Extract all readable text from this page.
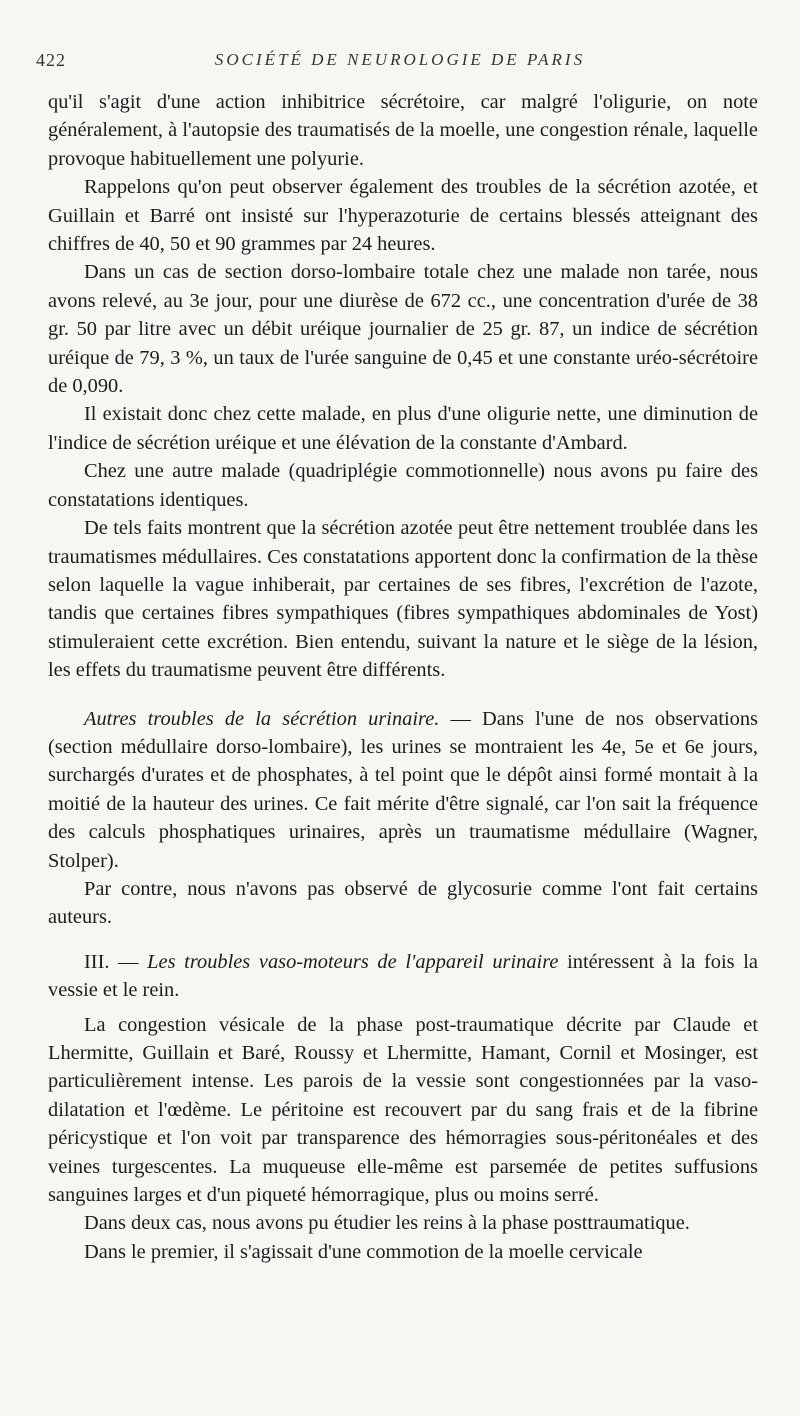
422	SOCIÉTÉ DE NEUROLOGIE DE PARIS

qu'il s'agit d'une action inhibitrice sécrétoire, car malgré l'oligurie, on note généralement, à l'autopsie des traumatisés de la moelle, une congestion rénale, laquelle provoque habituellement une polyurie.

Rappelons qu'on peut observer également des troubles de la sécrétion azotée, et Guillain et Barré ont insisté sur l'hyperazoturie de certains blessés atteignant des chiffres de 40, 50 et 90 grammes par 24 heures.

Dans un cas de section dorso-lombaire totale chez une malade non tarée, nous avons relevé, au 3e jour, pour une diurèse de 672 cc., une concentration d'urée de 38 gr. 50 par litre avec un débit uréique journalier de 25 gr. 87, un indice de sécrétion uréique de 79, 3 %, un taux de l'urée sanguine de 0,45 et une constante uréo-sécrétoire de 0,090.

Il existait donc chez cette malade, en plus d'une oligurie nette, une diminution de l'indice de sécrétion uréique et une élévation de la constante d'Ambard.

Chez une autre malade (quadriplégie commotionnelle) nous avons pu faire des constatations identiques.

De tels faits montrent que la sécrétion azotée peut être nettement troublée dans les traumatismes médullaires. Ces constatations apportent donc la confirmation de la thèse selon laquelle la vague inhiberait, par certaines de ses fibres, l'excrétion de l'azote, tandis que certaines fibres sympathiques (fibres sympathiques abdominales de Yost) stimuleraient cette excrétion. Bien entendu, suivant la nature et le siège de la lésion, les effets du traumatisme peuvent être différents.

Autres troubles de la sécrétion urinaire. — Dans l'une de nos observations (section médullaire dorso-lombaire), les urines se montraient les 4e, 5e et 6e jours, surchargés d'urates et de phosphates, à tel point que le dépôt ainsi formé montait à la moitié de la hauteur des urines. Ce fait mérite d'être signalé, car l'on sait la fréquence des calculs phosphatiques urinaires, après un traumatisme médullaire (Wagner, Stolper).

Par contre, nous n'avons pas observé de glycosurie comme l'ont fait certains auteurs.

III. — Les troubles vaso-moteurs de l'appareil urinaire intéressent à la fois la vessie et le rein.

La congestion vésicale de la phase post-traumatique décrite par Claude et Lhermitte, Guillain et Baré, Roussy et Lhermitte, Hamant, Cornil et Mosinger, est particulièrement intense. Les parois de la vessie sont congestionnées par la vaso-dilatation et l'œdème. Le péritoine est recouvert par du sang frais et de la fibrine péricystique et l'on voit par transparence des hémorragies sous-péritonéales et des veines turgescentes. La muqueuse elle-même est parsemée de petites suffusions sanguines larges et d'un piqueté hémorragique, plus ou moins serré.

Dans deux cas, nous avons pu étudier les reins à la phase posttraumatique.

Dans le premier, il s'agissait d'une commotion de la moelle cervicale
